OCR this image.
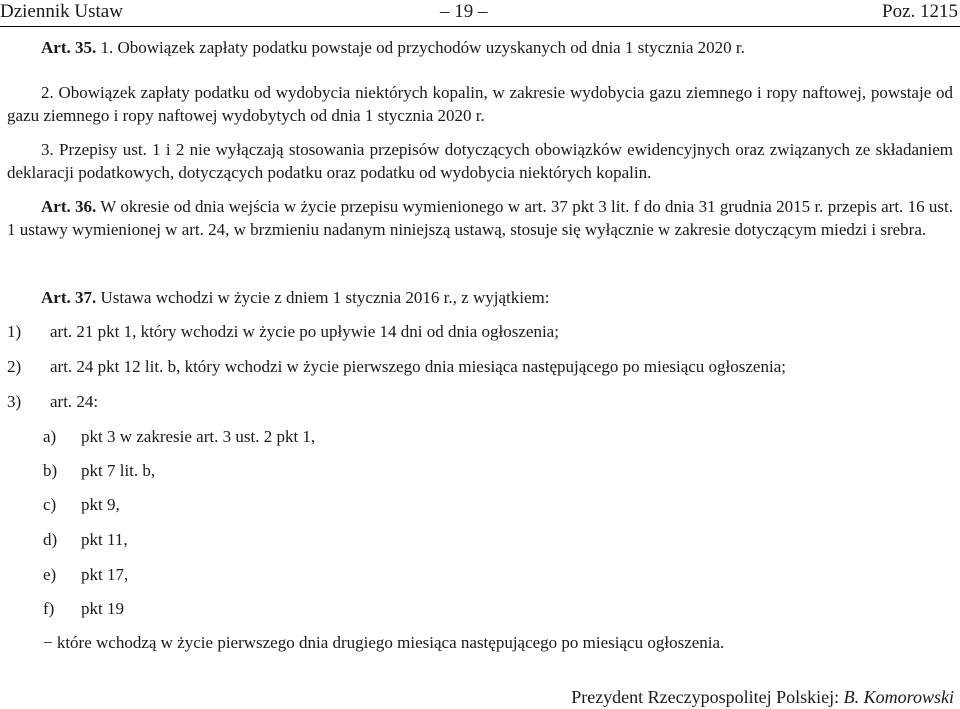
Dziennik Ustaw	– 19 –	Poz. 1215

Art. 35. 1. Obowiązek zapłaty podatku powstaje od przychodów uzyskanych od dnia 1 stycznia 2020 r.

2. Obowiązek zapłaty podatku od wydobycia niektórych kopalin, w zakresie wydobycia gazu ziemnego i ropy naftowej, powstaje od gazu ziemnego i ropy naftowej wydobytych od dnia 1 stycznia 2020 r.

3. Przepisy ust. 1 i 2 nie wyłączają stosowania przepisów dotyczących obowiązków ewidencyjnych oraz związanych ze składaniem deklaracji podatkowych, dotyczących podatku oraz podatku od wydobycia niektórych kopalin.

Art. 36. W okresie od dnia wejścia w życie przepisu wymienionego w art. 37 pkt 3 lit. f do dnia 31 grudnia 2015 r. przepis art. 16 ust. 1 ustawy wymienionej w art. 24, w brzmieniu nadanym niniejszą ustawą, stosuje się wyłącznie w zakresie dotyczącym miedzi i srebra.

Art. 37. Ustawa wchodzi w życie z dniem 1 stycznia 2016 r., z wyjątkiem:

1) art. 21 pkt 1, który wchodzi w życie po upływie 14 dni od dnia ogłoszenia;
2) art. 24 pkt 12 lit. b, który wchodzi w życie pierwszego dnia miesiąca następującego po miesiącu ogłoszenia;
3) art. 24:
a) pkt 3 w zakresie art. 3 ust. 2 pkt 1,
b) pkt 7 lit. b,
c) pkt 9,
d) pkt 11,
e) pkt 17,
f) pkt 19
− które wchodzą w życie pierwszego dnia drugiego miesiąca następującego po miesiącu ogłoszenia.
Prezydent Rzeczypospolitej Polskiej: B. Komorowski
